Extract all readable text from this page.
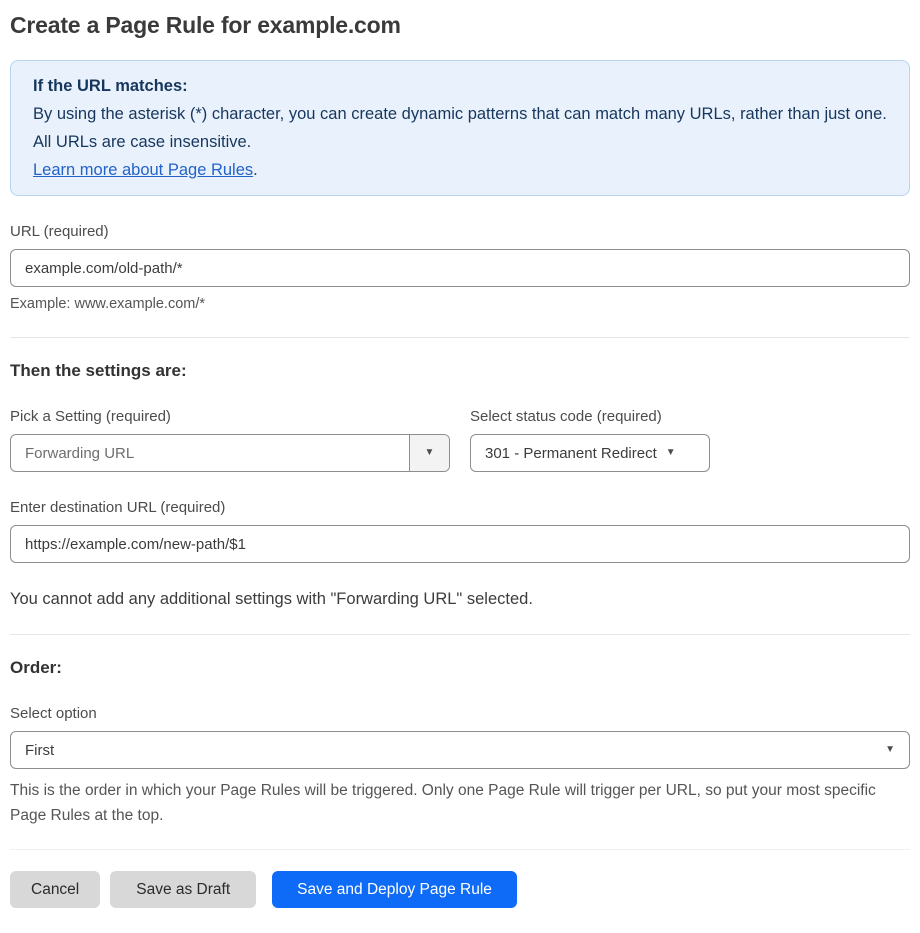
Create a Page Rule for example.com
If the URL matches:
By using the asterisk (*) character, you can create dynamic patterns that can match many URLs, rather than just one. All URLs are case insensitive.
Learn more about Page Rules.
URL (required)
example.com/old-path/*
Example: www.example.com/*
Then the settings are:
Pick a Setting (required)
Forwarding URL	▼
Select status code (required)
301 - Permanent Redirect ▼
Enter destination URL (required)
https://example.com/new-path/$1
You cannot add any additional settings with "Forwarding URL" selected.
Order:
Select option
First	▼
This is the order in which your Page Rules will be triggered. Only one Page Rule will trigger per URL, so put your most specific Page Rules at the top.
Cancel	Save as Draft	Save and Deploy Page Rule
